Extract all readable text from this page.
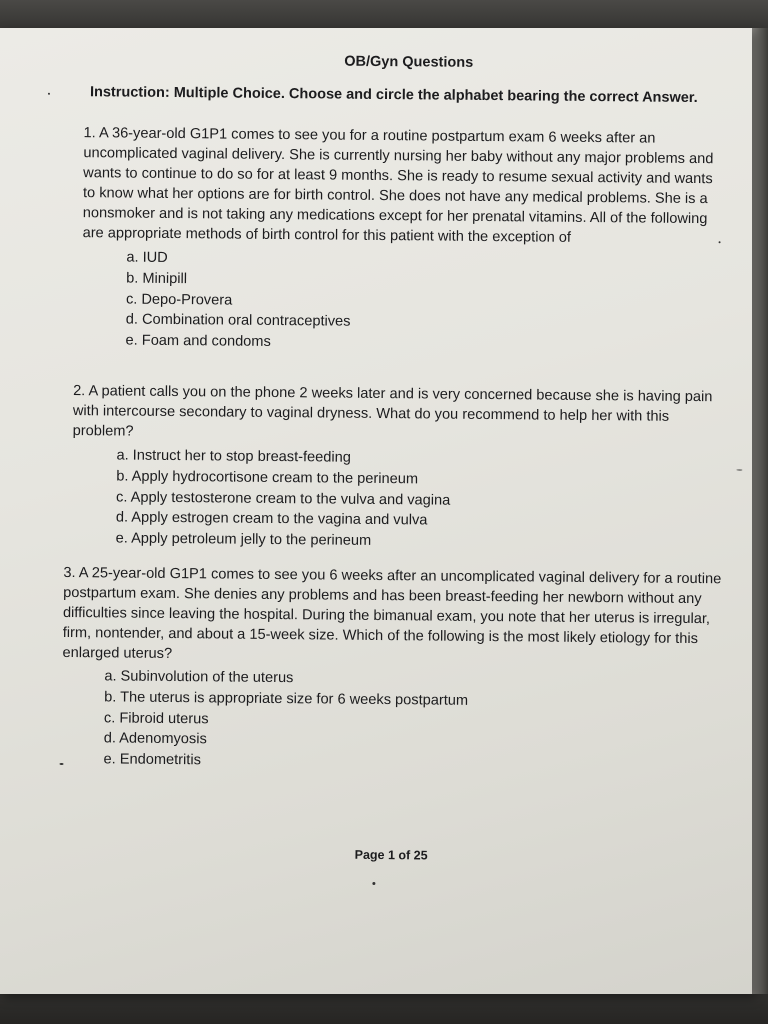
OB/Gyn Questions
Instruction: Multiple Choice. Choose and circle the alphabet bearing the correct Answer.

1. A 36-year-old G1P1 comes to see you for a routine postpartum exam 6 weeks after an uncomplicated vaginal delivery. She is currently nursing her baby without any major problems and wants to continue to do so for at least 9 months. She is ready to resume sexual activity and wants to know what her options are for birth control. She does not have any medical problems. She is a nonsmoker and is not taking any medications except for her prenatal vitamins. All of the following are appropriate methods of birth control for this patient with the exception of

a. IUD
b. Minipill
c. Depo-Provera
d. Combination oral contraceptives
e. Foam and condoms

2. A patient calls you on the phone 2 weeks later and is very concerned because she is having pain with intercourse secondary to vaginal dryness. What do you recommend to help her with this problem?

a. Instruct her to stop breast-feeding
b. Apply hydrocortisone cream to the perineum
c. Apply testosterone cream to the vulva and vagina
d. Apply estrogen cream to the vagina and vulva
e. Apply petroleum jelly to the perineum

3. A 25-year-old G1P1 comes to see you 6 weeks after an uncomplicated vaginal delivery for a routine postpartum exam. She denies any problems and has been breast-feeding her newborn without any difficulties since leaving the hospital. During the bimanual exam, you note that her uterus is irregular, firm, nontender, and about a 15-week size. Which of the following is the most likely etiology for this enlarged uterus?

a. Subinvolution of the uterus
b. The uterus is appropriate size for 6 weeks postpartum
c. Fibroid uterus
d. Adenomyosis
e. Endometritis
Page 1 of 25
